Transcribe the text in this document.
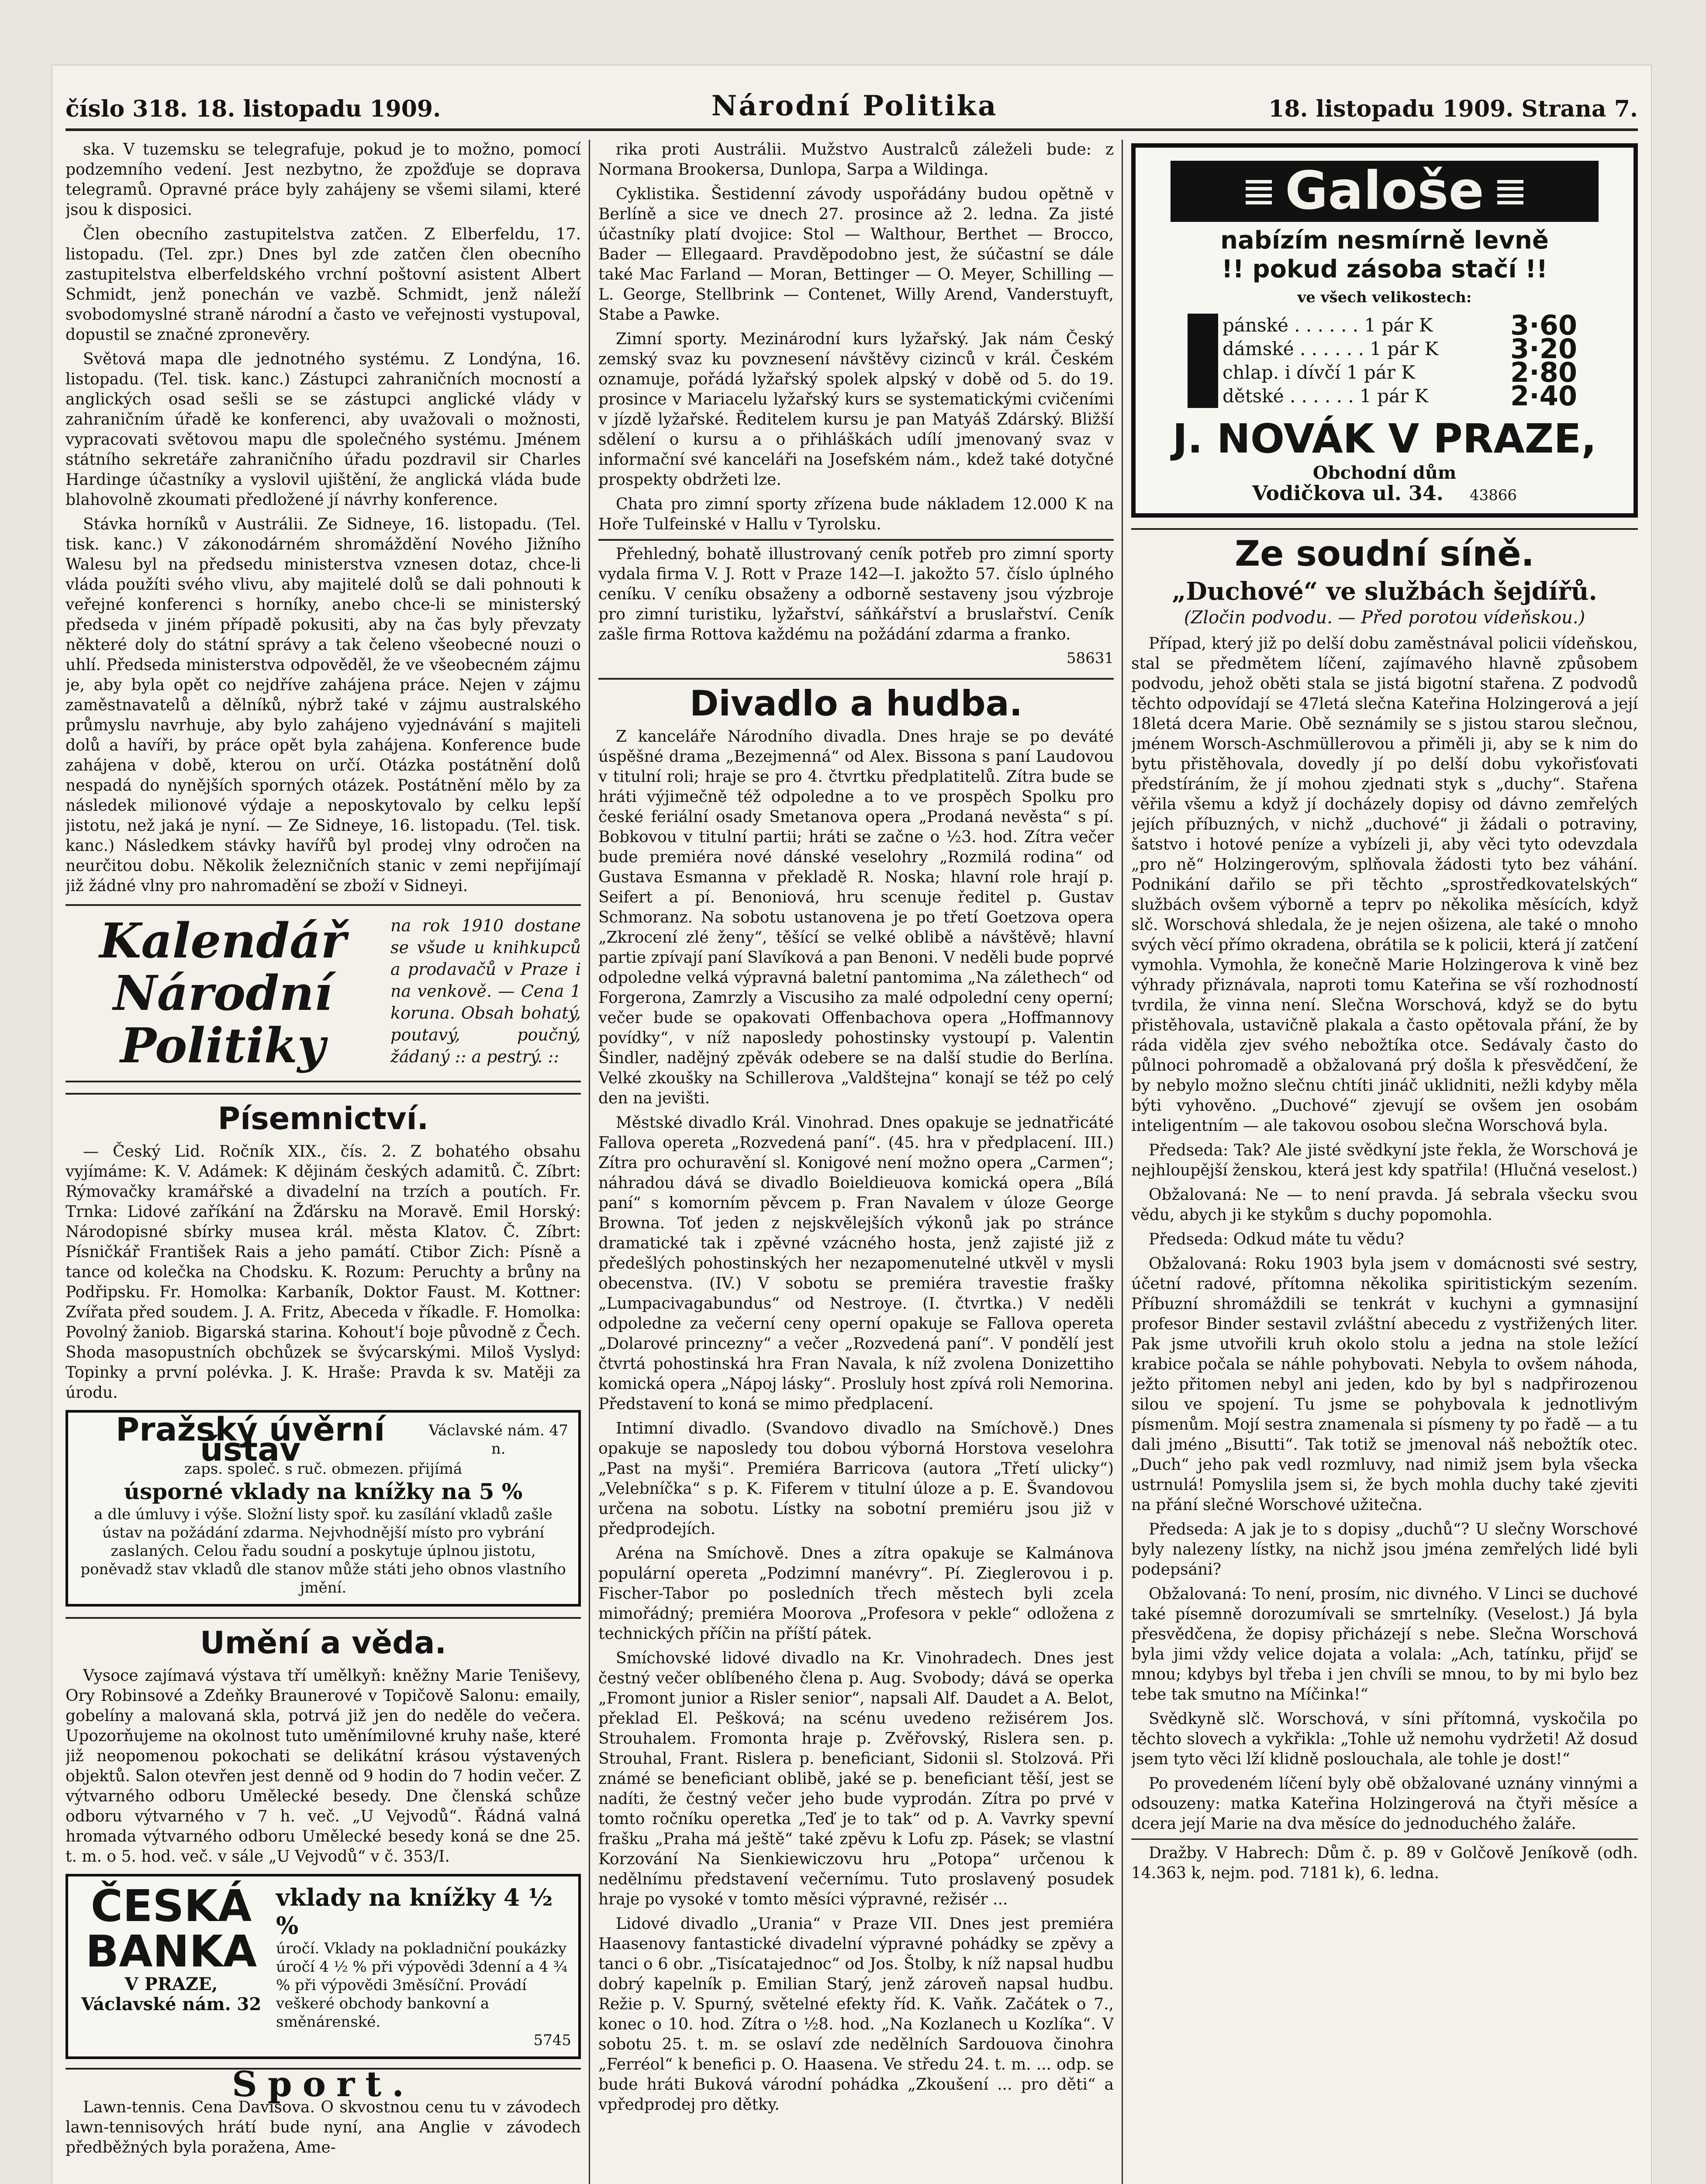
číslo 318. 18. listopadu 1909.	Národní Politika	18. listopadu 1909. Strana 7.

ska. V tuzemsku se telegrafuje, pokud je to možno, pomocí podzemního vedení. Jest nezbytno, že zpožďuje se doprava telegramů. Opravné práce byly zahájeny se všemi silami, které jsou k disposici.

Člen obecního zastupitelstva zatčen. Z Elberfeldu, 17. listopadu. (Tel. zpr.) Dnes byl zde zatčen člen obecního zastupitelstva elberfeldského vrchní poštovní asistent Albert Schmidt, jenž ponechán ve vazbě. Schmidt, jenž náleží svobodomyslné straně národní a často ve veřejnosti vystupoval, dopustil se značné zpronevěry.

Světová mapa dle jednotného systému. Z Londýna, 16. listopadu. (Tel. tisk. kanc.) Zástupci zahraničních mocností a anglických osad sešli se se zástupci anglické vlády v zahraničním úřadě ke konferenci, aby uvažovali o možnosti, vypracovati světovou mapu dle společného systému. Jménem státního sekretáře zahraničního úřadu pozdravil sir Charles Hardinge účastníky a vyslovil ujištění, že anglická vláda bude blahovolně zkoumati předložené jí návrhy konference.

Stávka horníků v Austrálii. Ze Sidneye, 16. listopadu. (Tel. tisk. kanc.) V zákonodárném shromáždění Nového Jižního Walesu byl na předsedu ministerstva vznesen dotaz, chce-li vláda použíti svého vlivu, aby majitelé dolů se dali pohnouti k veřejné konferenci s horníky, anebo chce-li se ministerský předseda v jiném případě pokusiti, aby na čas byly převzaty některé doly do státní správy a tak čeleno všeobecné nouzi o uhlí. Předseda ministerstva odpověděl, že ve všeobecném zájmu je, aby byla opět co nejdříve zahájena práce. Nejen v zájmu zaměstnavatelů a dělníků, nýbrž také v zájmu australského průmyslu navrhuje, aby bylo zahájeno vyjednávání s majiteli dolů a havíři, by práce opět byla zahájena. Konference bude zahájena v době, kterou on určí. Otázka postátnění dolů nespadá do nynějších sporných otázek. Postátnění mělo by za následek milionové výdaje a neposkytovalo by celku lepší jistotu, než jaká je nyní. — Ze Sidneye, 16. listopadu. (Tel. tisk. kanc.) Následkem stávky havířů byl prodej vlny odročen na neurčitou dobu. Několik železničních stanic v zemi nepřijímají již žádné vlny pro nahromadění se zboží v Sidneyi.

Kalendář Národní Politiky
na rok 1910 dostane se všude u knihkupců a prodavačů v Praze i na venkově. — Cena 1 koruna. Obsah bohatý, poutavý, poučný, žádaný :: a pestrý. ::
Písemnictví.

— Český Lid. Ročník XIX., čís. 2. Z bohatého obsahu vyjímáme: K. V. Adámek: K dějinám českých adamitů. Č. Zíbrt: Rýmovačky kramářské a divadelní na trzích a poutích. Fr. Trnka: Lidové zaříkání na Žďársku na Moravě. Emil Horský: Národopisné sbírky musea král. města Klatov. Č. Zíbrt: Písničkář František Rais a jeho památí. Ctibor Zich: Písně a tance od kolečka na Chodsku. K. Rozum: Peruchty a brůny na Podřipsku. Fr. Homolka: Karbaník, Doktor Faust. M. Kottner: Zvířata před soudem. J. A. Fritz, Abeceda v říkadle. F. Homolka: Povolný žaniob. Bigarská starina. Kohout'í boje původně z Čech. Shoda masopustních obchůzek se švýcarskými. Miloš Vyslyd: Topinky a první polévka. J. K. Hraše: Pravda k sv. Matěji za úrodu.

Pražský úvěrní ústav
Václavské nám. 47 n.
zaps. společ. s ruč. obmezen. přijímá
úsporné vklady na knížky na 5 %
a dle úmluvy i výše. Složní listy spoř. ku zasílání vkladů zašle ústav na požádání zdarma. Nejvhodnější místo pro vybrání zaslaných. Celou řadu soudní a poskytuje úplnou jistotu, poněvadž stav vkladů dle stanov může státi jeho obnos vlastního jmění.
Umění a věda.

Vysoce zajímavá výstava tří umělkyň: kněžny Marie Teniševy, Ory Robinsové a Zdeňky Braunerové v Topičově Salonu: emaily, gobelíny a malovaná skla, potrvá již jen do neděle do večera. Upozorňujeme na okolnost tuto uměnímilovné kruhy naše, které již neopomenou pokochati se delikátní krásou výstavených objektů. Salon otevřen jest denně od 9 hodin do 7 hodin večer. Z výtvarného odboru Umělecké besedy. Dne členská schůze odboru výtvarného v 7 h. več. „U Vejvodů“. Řádná valná hromada výtvarného odboru Umělecké besedy koná se dne 25. t. m. o 5. hod. več. v sále „U Vejvodů“ v č. 353/I.

ČESKÁ BANKA
V PRAZE, Václavské nám. 32
vklady na knížky 4 ½ %
úročí. Vklady na pokladniční poukázky úročí 4 ½ % při výpovědi 3denní a 4 ¾ % při výpovědi 3měsíční. Provádí veškeré obchody bankovní a směnárenské.
5745
Sport.

Lawn-tennis. Cena Davisova. O skvostnou cenu tu v závodech lawn-tennisových hrátí bude nyní, ana Anglie v závodech předběžných byla poražena, Ame-

rika proti Austrálii. Mužstvo Australců záleželi bude: z Normana Brookersa, Dunlopa, Sarpa a Wildinga.

Cyklistika. Šestidenní závody uspořádány budou opětně v Berlíně a sice ve dnech 27. prosince až 2. ledna. Za jisté účastníky platí dvojice: Stol — Walthour, Berthet — Brocco, Bader — Ellegaard. Pravděpodobno jest, že súčastní se dále také Mac Farland — Moran, Bettinger — O. Meyer, Schilling — L. George, Stellbrink — Contenet, Willy Arend, Vanderstuyft, Stabe a Pawke.

Zimní sporty. Mezinárodní kurs lyžařský. Jak nám Český zemský svaz ku povznesení návštěvy cizinců v král. Českém oznamuje, pořádá lyžařský spolek alpský v době od 5. do 19. prosince v Mariacelu lyžařský kurs se systematickými cvičeními v jízdě lyžařské. Ředitelem kursu je pan Matyáš Zdárský. Bližší sdělení o kursu a o přihláškách udílí jmenovaný svaz v informační své kanceláři na Josefském nám., kdež také dotyčné prospekty obdržeti lze.

Chata pro zimní sporty zřízena bude nákladem 12.000 K na Hoře Tulfeinské v Hallu v Tyrolsku.

Přehledný, bohatě illustrovaný ceník potřeb pro zimní sporty vydala firma V. J. Rott v Praze 142—I. jakožto 57. číslo úplného ceníku. V ceníku obsaženy a odborně sestaveny jsou výzbroje pro zimní turistiku, lyžařství, sáňkářství a bruslařství. Ceník zašle firma Rottova každému na požádání zdarma a franko.

58631
Divadlo a hudba.

Z kanceláře Národního divadla. Dnes hraje se po deváté úspěšné drama „Bezejmenná“ od Alex. Bissona s paní Laudovou v titulní roli; hraje se pro 4. čtvrtku předplatitelů. Zítra bude se hráti výjimečně též odpoledne a to ve prospěch Spolku pro české feriální osady Smetanova opera „Prodaná nevěsta“ s pí. Bobkovou v titulní partii; hráti se začne o ½3. hod. Zítra večer bude premiéra nové dánské veselohry „Rozmilá rodina“ od Gustava Esmanna v překladě R. Noska; hlavní role hrají p. Seifert a pí. Benoniová, hru scenuje ředitel p. Gustav Schmoranz. Na sobotu ustanovena je po třetí Goetzova opera „Zkrocení zlé ženy“, těšící se velké oblibě a návštěvě; hlavní partie zpívají paní Slavíková a pan Benoni. V neděli bude poprvé odpoledne velká výpravná baletní pantomima „Na zálethech“ od Forgerona, Zamrzly a Viscusiho za malé odpolední ceny operní; večer bude se opakovati Offenbachova opera „Hoffmannovy povídky“, v níž naposledy pohostinsky vystoupí p. Valentin Šindler, nadějný zpěvák odebere se na další studie do Berlína. Velké zkoušky na Schillerova „Valdštejna“ konají se též po celý den na jevišti.

Městské divadlo Král. Vinohrad. Dnes opakuje se jednatřicáté Fallova opereta „Rozvedená paní“. (45. hra v předplacení. III.) Zítra pro ochuravění sl. Konigové není možno opera „Carmen“; náhradou dává se divadlo Boieldieuova komická opera „Bílá paní“ s komorním pěvcem p. Fran Navalem v úloze George Browna. Toť jeden z nejskvělejších výkonů jak po stránce dramatické tak i zpěvné vzácného hosta, jenž zajisté již z předešlých pohostinských her nezapomenutelné utkvěl v mysli obecenstva. (IV.) V sobotu se premiéra travestie frašky „Lumpacivagabundus“ od Nestroye. (I. čtvrtka.) V neděli odpoledne za večerní ceny operní opakuje se Fallova opereta „Dolarové princezny“ a večer „Rozvedená paní“. V pondělí jest čtvrtá pohostinská hra Fran Navala, k níž zvolena Donizettiho komická opera „Nápoj lásky“. Prosluly host zpívá roli Nemorina. Představení to koná se mimo předplacení.

Intimní divadlo. (Svandovo divadlo na Smíchově.) Dnes opakuje se naposledy tou dobou výborná Horstova veselohra „Past na myši“. Premiéra Barricova (autora „Třetí ulicky“) „Velebníčka“ s p. K. Fiferem v titulní úloze a p. E. Švandovou určena na sobotu. Lístky na sobotní premiéru jsou již v předprodejích.

Aréna na Smíchově. Dnes a zítra opakuje se Kalmánova populární opereta „Podzimní manévry“. Pí. Zieglerovou i p. Fischer-Tabor po posledních třech městech byli zcela mimořádný; premiéra Moorova „Profesora v pekle“ odložena z technických příčin na příští pátek.

Smíchovské lidové divadlo na Kr. Vinohradech. Dnes jest čestný večer oblíbeného člena p. Aug. Svobody; dává se operka „Fromont junior a Risler senior“, napsali Alf. Daudet a A. Belot, překlad El. Pešková; na scénu uvedeno režisérem Jos. Strouhalem. Fromonta hraje p. Zvěřovský, Rislera sen. p. Strouhal, Frant. Rislera p. beneficiant, Sidonii sl. Stolzová. Při známé se beneficiant oblibě, jaké se p. beneficiant těší, jest se nadíti, že čestný večer jeho bude vyprodán. Zítra po prvé v tomto ročníku operetka „Teď je to tak“ od p. A. Vavrky spevní frašku „Praha má ještě“ také zpěvu k Lofu zp. Pásek; se vlastní Korzování Na Sienkiewiczovu hru „Potopa“ určenou k nedělnímu představení večernímu. Tuto proslavený posudek hraje po vysoké v tomto měsíci výpravné, režisér ...

Lidové divadlo „Urania“ v Praze VII. Dnes jest premiéra Haasenovy fantastické divadelní výpravné pohádky se zpěvy a tanci o 6 obr. „Tisícatajednoc“ od Jos. Štolby, k níž napsal hudbu dobrý kapelník p. Emilian Starý, jenž zároveň napsal hudbu. Režie p. V. Spurný, světelné efekty říd. K. Vaňk. Začátek o 7., konec o 10. hod. Zítra o ½8. hod. „Na Kozlanech u Kozlíka“. V sobotu 25. t. m. se oslaví zde nedělních Sardouova činohra „Ferréol“ k benefici p. O. Haasena. Ve středu 24. t. m. ... odp. se bude hráti Buková várodní pohádka „Zkoušení ... pro děti“ a vpředprodej pro dětky.

Galoše
nabízím nesmírně levně
!! pokud zásoba stačí !!
ve všech velikostech:
	pánské . . . . . . 1 pár K	3·60
	dámské . . . . . . 1 pár K	3·20
	chlap. i dívčí 1 pár K	2·80
	dětské . . . . . . 1 pár K	2·40
J. NOVÁK V PRAZE,
Obchodní dům
Vodičkova ul. 34. 43866
Ze soudní síně.
„Duchové“ ve službách šejdířů.
(Zločin podvodu. — Před porotou vídeňskou.)

Případ, který již po delší dobu zaměstnával policii vídeňskou, stal se předmětem líčení, zajímavého hlavně způsobem podvodu, jehož oběti stala se jistá bigotní stařena. Z podvodů těchto odpovídají se 47letá slečna Kateřina Holzingerová a její 18letá dcera Marie. Obě seznámily se s jistou starou slečnou, jménem Worsch-Aschmüllerovou a přiměli ji, aby se k nim do bytu přistěhovala, dovedly jí po delší dobu vykořisťovati předstíráním, že jí mohou zjednati styk s „duchy“. Stařena věřila všemu a když jí docházely dopisy od dávno zemřelých jejích příbuzných, v nichž „duchové“ ji žádali o potraviny, šatstvo i hotové peníze a vybízeli ji, aby věci tyto odevzdala „pro ně“ Holzingerovým, splňovala žádosti tyto bez váhání. Podnikání dařilo se při těchto „sprostředkovatelských“ službách ovšem výborně a teprv po několika měsících, když slč. Worschová shledala, že je nejen ošizena, ale také o mnoho svých věcí přímo okradena, obrátila se k policii, která jí zatčení vymohla. Vymohla, že konečně Marie Holzingerova k vině bez výhrady přiznávala, naproti tomu Kateřina se vší rozhodností tvrdila, že vinna není. Slečna Worschová, když se do bytu přistěhovala, ustavičně plakala a často opětovala přání, že by ráda viděla zjev svého nebožtíka otce. Sedávaly často do půlnoci pohromadě a obžalovaná prý došla k přesvědčení, že by nebylo možno slečnu chtíti jináč uklidniti, nežli kdyby měla býti vyhověno. „Duchové“ zjevují se ovšem jen osobám inteligentním — ale takovou osobou slečna Worschová byla.

Předseda: Tak? Ale jisté svědkyní jste řekla, že Worschová je nejhloupější ženskou, která jest kdy spatřila! (Hlučná veselost.)

Obžalovaná: Ne — to není pravda. Já sebrala všecku svou vědu, abych ji ke stykům s duchy popomohla.

Předseda: Odkud máte tu vědu?

Obžalovaná: Roku 1903 byla jsem v domácnosti své sestry, účetní radové, přítomna několika spiritistickým sezením. Příbuzní shromáždili se tenkrát v kuchyni a gymnasijní profesor Binder sestavil zvláštní abecedu z vystřižených liter. Pak jsme utvořili kruh okolo stolu a jedna na stole ležící krabice počala se náhle pohybovati. Nebyla to ovšem náhoda, ježto přitomen nebyl ani jeden, kdo by byl s nadpřirozenou silou ve spojení. Tu jsme se pohybovala k jednotlivým písmenům. Mojí sestra znamenala si písmeny ty po řadě — a tu dali jméno „Bisutti“. Tak totiž se jmenoval náš nebožtík otec. „Duch“ jeho pak vedl rozmluvy, nad nimiž jsem byla všecka ustrnulá! Pomyslila jsem si, že bych mohla duchy také zjeviti na přání slečné Worschové užitečna.

Předseda: A jak je to s dopisy „duchů“? U slečny Worschové byly nalezeny lístky, na nichž jsou jména zemřelých lidé byli podepsáni?

Obžalovaná: To není, prosím, nic divného. V Linci se duchové také písemně dorozumívali se smrtelníky. (Veselost.) Já byla přesvědčena, že dopisy přicházejí s nebe. Slečna Worschová byla jimi vždy velice dojata a volala: „Ach, tatínku, přijď se mnou; kdybys byl třeba i jen chvíli se mnou, to by mi bylo bez tebe tak smutno na Míčinka!“

Svědkyně slč. Worschová, v síni přítomná, vyskočila po těchto slovech a vykřikla: „Tohle už nemohu vydržeti! Až dosud jsem tyto věci lží klidně poslouchala, ale tohle je dost!“

Po provedeném líčení byly obě obžalované uznány vinnými a odsouzeny: matka Kateřina Holzingerová na čtyři měsíce a dcera její Marie na dva měsíce do jednoduchého žaláře.

Dražby. V Habrech: Dům č. p. 89 v Golčově Jeníkově (odh. 14.363 k, nejm. pod. 7181 k), 6. ledna.
